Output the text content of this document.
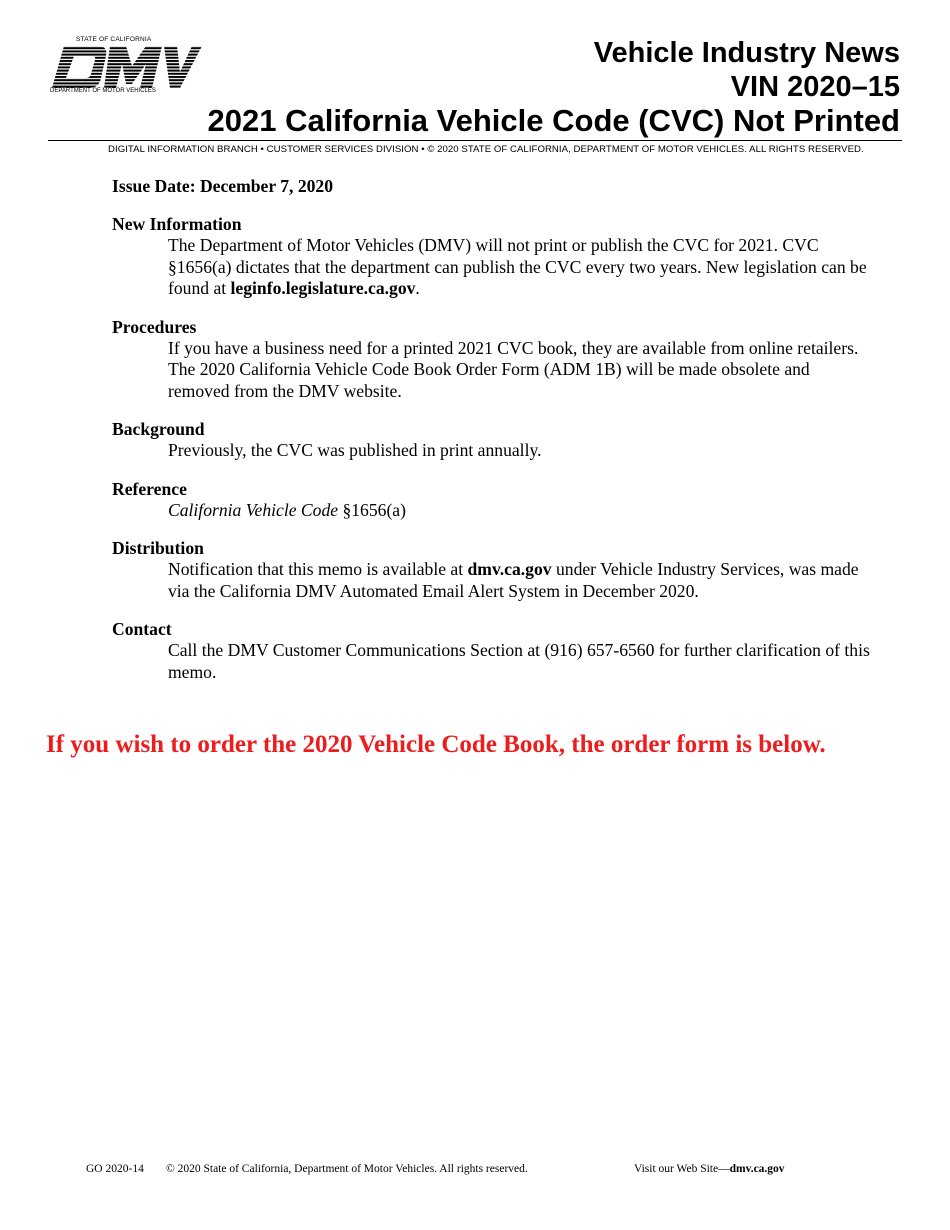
STATE OF CALIFORNIA
DEPARTMENT OF MOTOR VEHICLES
Vehicle Industry News
VIN 2020–15
2021 California Vehicle Code (CVC) Not Printed
DIGITAL INFORMATION BRANCH • CUSTOMER SERVICES DIVISION • © 2020 STATE OF CALIFORNIA, DEPARTMENT OF MOTOR VEHICLES. ALL RIGHTS RESERVED.
Issue Date: December 7, 2020
New Information
The Department of Motor Vehicles (DMV) will not print or publish the CVC for 2021. CVC §1656(a) dictates that the department can publish the CVC every two years. New legislation can be found at leginfo.legislature.ca.gov.
Procedures
If you have a business need for a printed 2021 CVC book, they are available from online retailers. The 2020 California Vehicle Code Book Order Form (ADM 1B) will be made obsolete and removed from the DMV website.
Background
Previously, the CVC was published in print annually.
Reference
California Vehicle Code §1656(a)
Distribution
Notification that this memo is available at dmv.ca.gov under Vehicle Industry Services, was made via the California DMV Automated Email Alert System in December 2020.
Contact
Call the DMV Customer Communications Section at (916) 657-6560 for further clarification of this memo.
If you wish to order the 2020 Vehicle Code Book, the order form is below.
GO 2020-14 © 2020 State of California, Department of Motor Vehicles. All rights reserved.	Visit our Web Site—dmv.ca.gov
